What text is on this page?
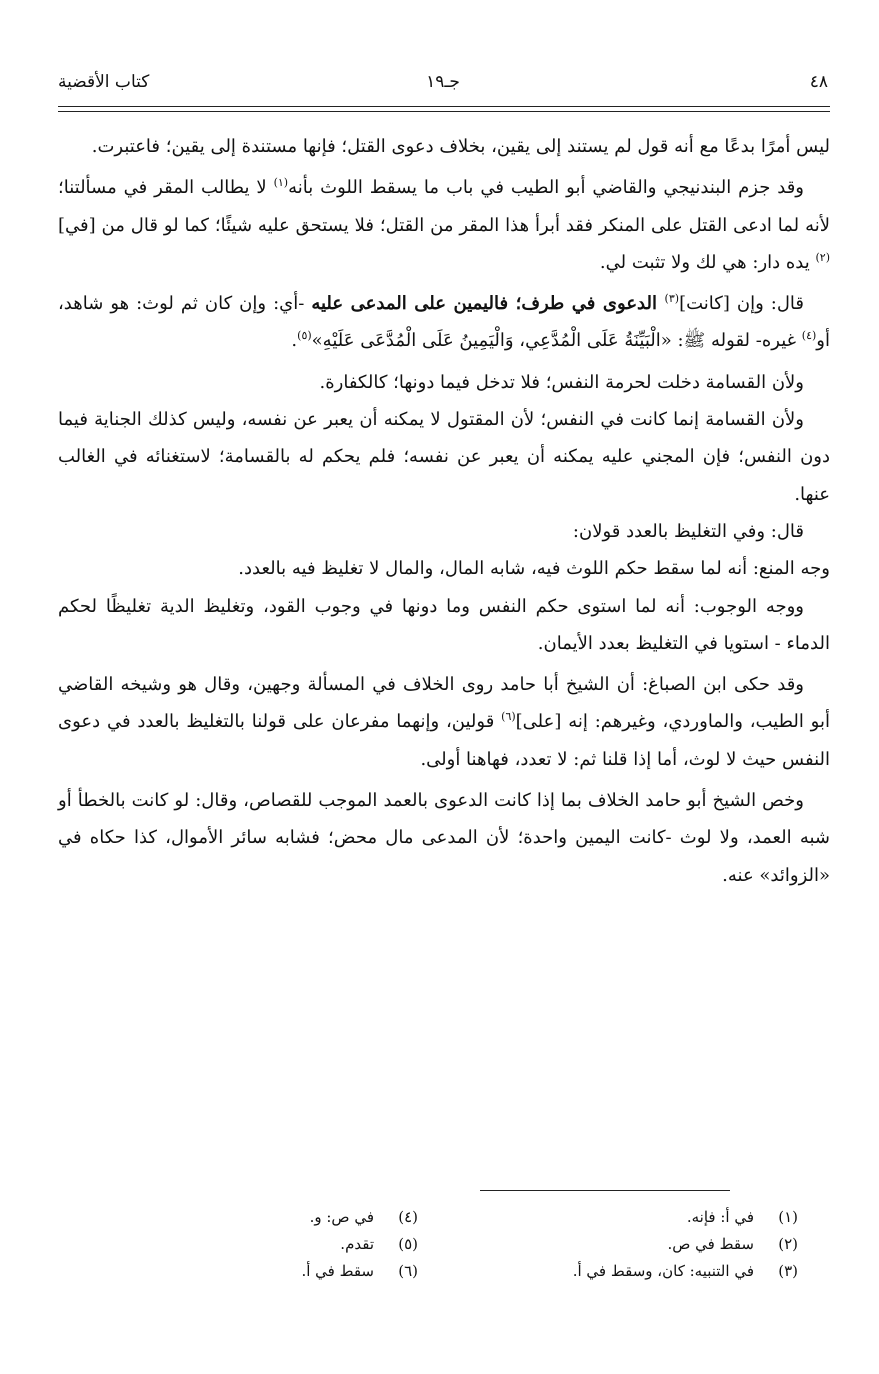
٤٨
جـ١٩
كتاب الأقضية

ليس أمرًا بدعًا مع أنه قول لم يستند إلى يقين، بخلاف دعوى القتل؛ فإنها مستندة إلى يقين؛ فاعتبرت.

وقد جزم البندنيجي والقاضي أبو الطيب في باب ما يسقط اللوث بأنه$^{(١)}$ لا يطالب المقر في مسألتنا؛ لأنه لما ادعى القتل على المنكر فقد أبرأ هذا المقر من القتل؛ فلا يستحق عليه شيئًا؛ كما لو قال من [في]$^{(٢)}$ يده دار: هي لك ولا تثبت لي.

قال: وإن [كانت]$^{(٣)}$ الدعوى في طرف؛ فاليمين على المدعى عليه -أي: وإن كان ثم لوث: هو شاهد، أو$^{(٤)}$ غيره- لقوله ﷺ: «الْبَيِّنَةُ عَلَى الْمُدَّعِي، وَالْيَمِينُ عَلَى الْمُدَّعَى عَلَيْهِ»$^{(٥)}$.

ولأن القسامة دخلت لحرمة النفس؛ فلا تدخل فيما دونها؛ كالكفارة.

ولأن القسامة إنما كانت في النفس؛ لأن المقتول لا يمكنه أن يعبر عن نفسه، وليس كذلك الجناية فيما دون النفس؛ فإن المجني عليه يمكنه أن يعبر عن نفسه؛ فلم يحكم له بالقسامة؛ لاستغنائه في الغالب عنها.

قال: وفي التغليظ بالعدد قولان:

وجه المنع: أنه لما سقط حكم اللوث فيه، شابه المال، والمال لا تغليظ فيه بالعدد.

ووجه الوجوب: أنه لما استوى حكم النفس وما دونها في وجوب القود، وتغليظ الدية تغليظًا لحكم الدماء - استويا في التغليظ بعدد الأيمان.

وقد حكى ابن الصباغ: أن الشيخ أبا حامد روى الخلاف في المسألة وجهين، وقال هو وشيخه القاضي أبو الطيب، والماوردي، وغيرهم: إنه [على]$^{(٦)}$ قولين، وإنهما مفرعان على قولنا بالتغليظ بالعدد في دعوى النفس حيث لا لوث، أما إذا قلنا ثم: لا تعدد، فهاهنا أولى.

وخص الشيخ أبو حامد الخلاف بما إذا كانت الدعوى بالعمد الموجب للقصاص، وقال: لو كانت بالخطأ أو شبه العمد، ولا لوث -كانت اليمين واحدة؛ لأن المدعى مال محض؛ فشابه سائر الأموال، كذا حكاه في «الزوائد» عنه.

(١)في أ: فإنه.
(٢)سقط في ص.
(٣)في التنبيه: كان، وسقط في أ.
(٤)في ص: و.
(٥)تقدم.
(٦)سقط في أ.
